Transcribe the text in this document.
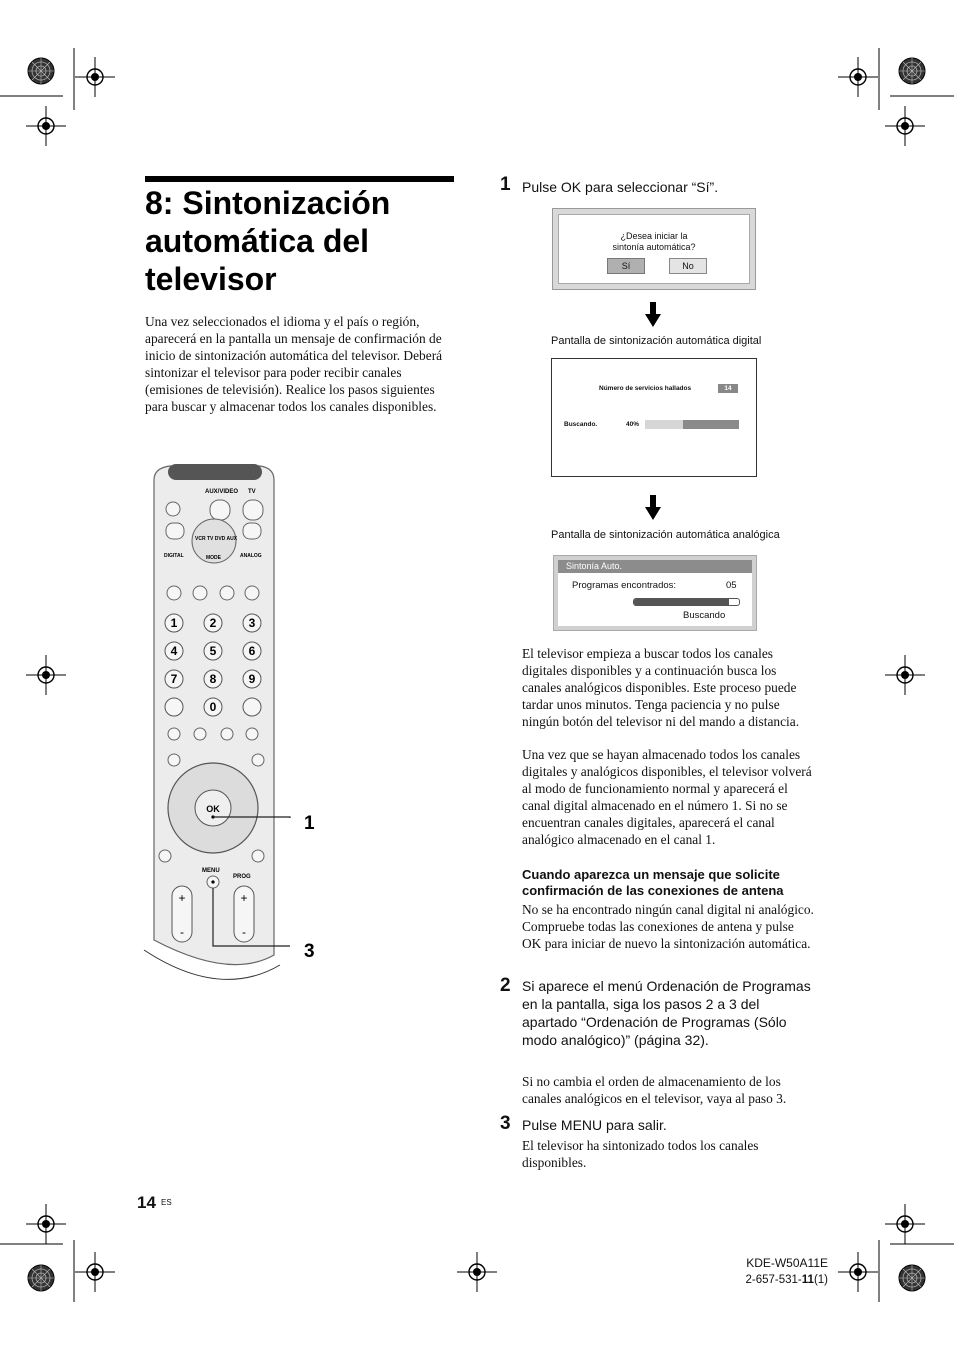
8: Sintonización automática del televisor
Una vez seleccionados el idioma y el país o región, aparecerá en la pantalla un mensaje de confirmación de inicio de sintonización automática del televisor. Deberá sintonizar el televisor para poder recibir canales (emisiones de televisión). Realice los pasos siguientes para buscar y almacenar todos los canales disponibles.
AUX/VIDEO TV
MODE
VCR TV DVD AUX
DIGITAL	ANALOG
1	2	3
4	5	6
7	8	9
0
OK
MENU
PROG
+	+
-	-
1
3
1 Pulse OK para seleccionar “Sí”.
¿Desea iniciar la
sintonía automática?
Sí	No
Pantalla de sintonización automática digital
Número de servicios hallados	14
Buscando.	40%
Pantalla de sintonización automática analógica
Sintonía Auto.
Programas encontrados:	05
Buscando
El televisor empieza a buscar todos los canales digitales disponibles y a continuación busca los canales analógicos disponibles. Este proceso puede tardar unos minutos. Tenga paciencia y no pulse ningún botón del televisor ni del mando a distancia.
Una vez que se hayan almacenado todos los canales digitales y analógicos disponibles, el televisor volverá al modo de funcionamiento normal y aparecerá el canal digital almacenado en el número 1. Si no se encuentran canales digitales, aparecerá el canal analógico almacenado en el canal 1.
Cuando aparezca un mensaje que solicite confirmación de las conexiones de antena
No se ha encontrado ningún canal digital ni analógico. Compruebe todas las conexiones de antena y pulse OK para iniciar de nuevo la sintonización automática.
2 Si aparece el menú Ordenación de Programas en la pantalla, siga los pasos 2 a 3 del apartado “Ordenación de Programas (Sólo modo analógico)” (página 32).
Si no cambia el orden de almacenamiento de los canales analógicos en el televisor, vaya al paso 3.
3 Pulse MENU para salir.
El televisor ha sintonizado todos los canales disponibles.
14 ES
KDE-W50A11E
2-657-531-11(1)
